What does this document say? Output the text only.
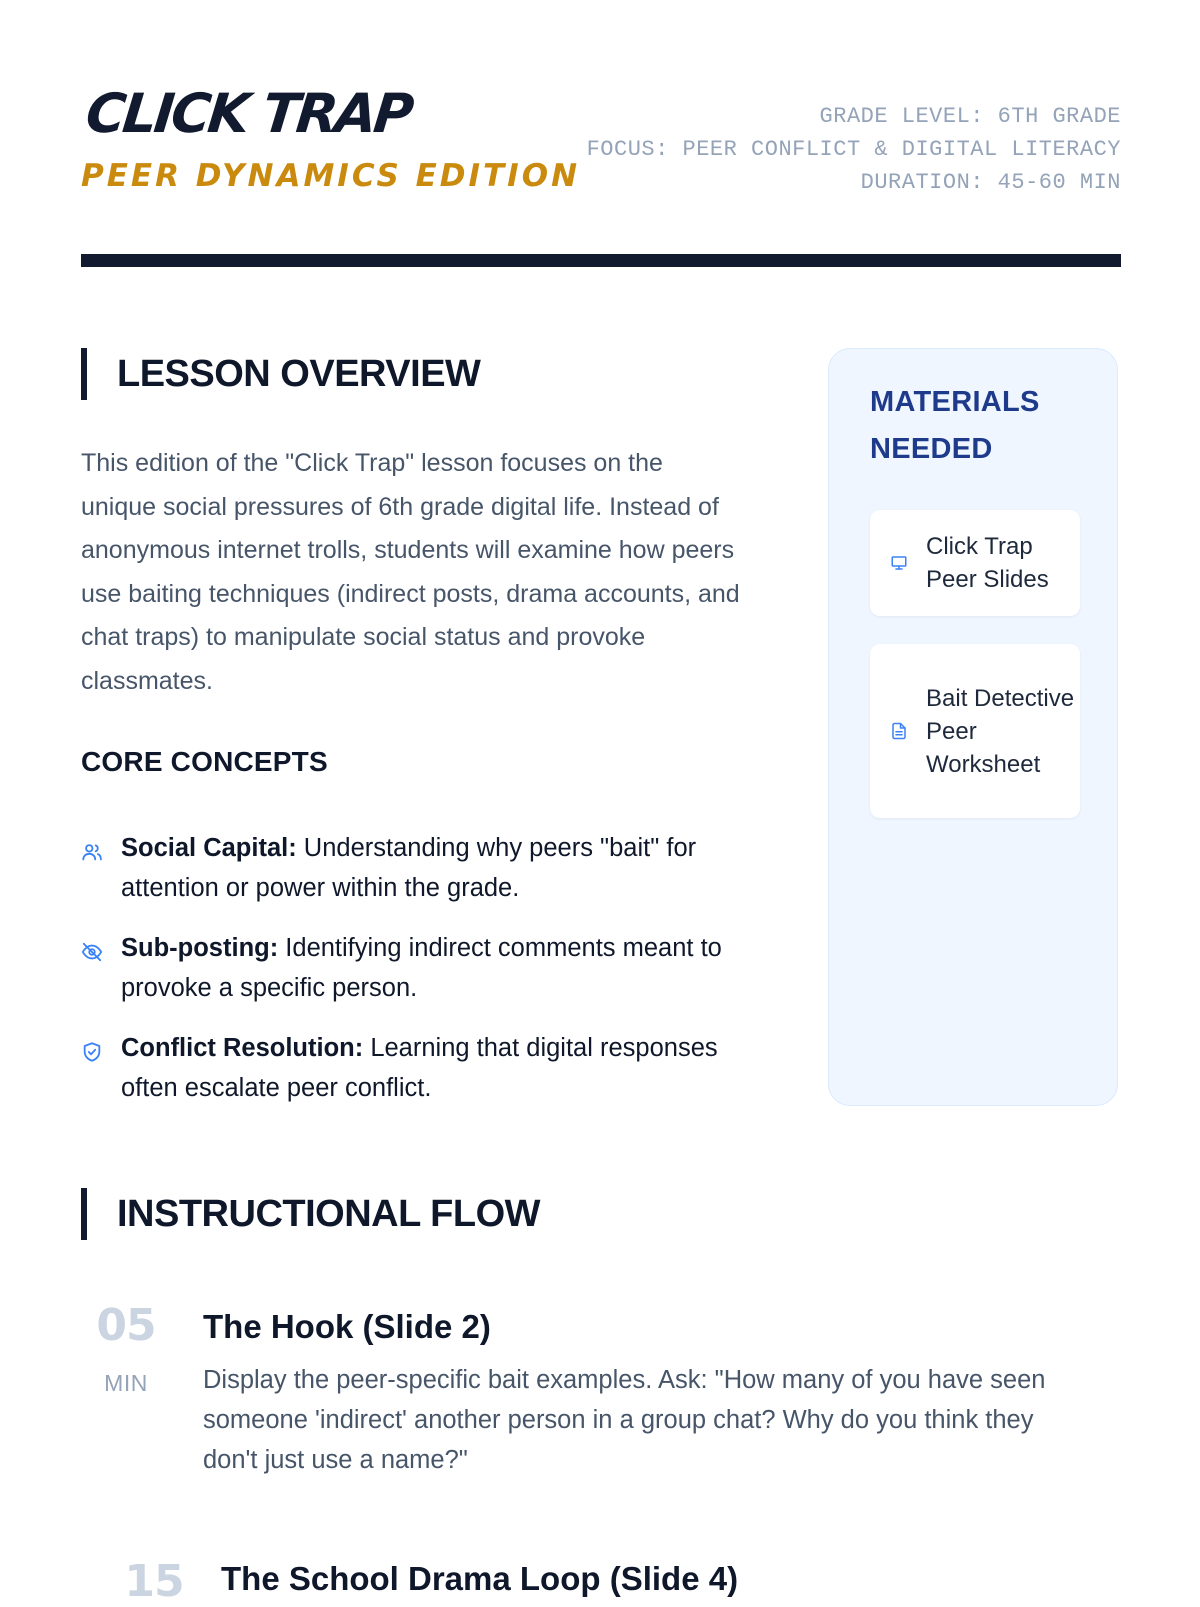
CLICK TRAP
PEER DYNAMICS EDITION
GRADE LEVEL: 6TH GRADE
FOCUS: PEER CONFLICT & DIGITAL LITERACY
DURATION: 45-60 MIN
LESSON OVERVIEW

This edition of the "Click Trap" lesson focuses on the unique social pressures of 6th grade digital life. Instead of anonymous internet trolls, students will examine how peers use baiting techniques (indirect posts, drama accounts, and chat traps) to manipulate social status and provoke classmates.

CORE CONCEPTS
Social Capital: Understanding why peers "bait" for attention or power within the grade.
Sub-posting: Identifying indirect comments meant to provoke a specific person.
Conflict Resolution: Learning that digital responses often escalate peer conflict.
MATERIALS NEEDED
Click Trap Peer Slides
Bait Detective Peer Worksheet
INSTRUCTIONAL FLOW
05
MIN
The Hook (Slide 2)

Display the peer-specific bait examples. Ask: "How many of you have seen someone 'indirect' another person in a group chat? Why do you think they don't just use a name?"

15	The School Drama Loop (Slide 4)
